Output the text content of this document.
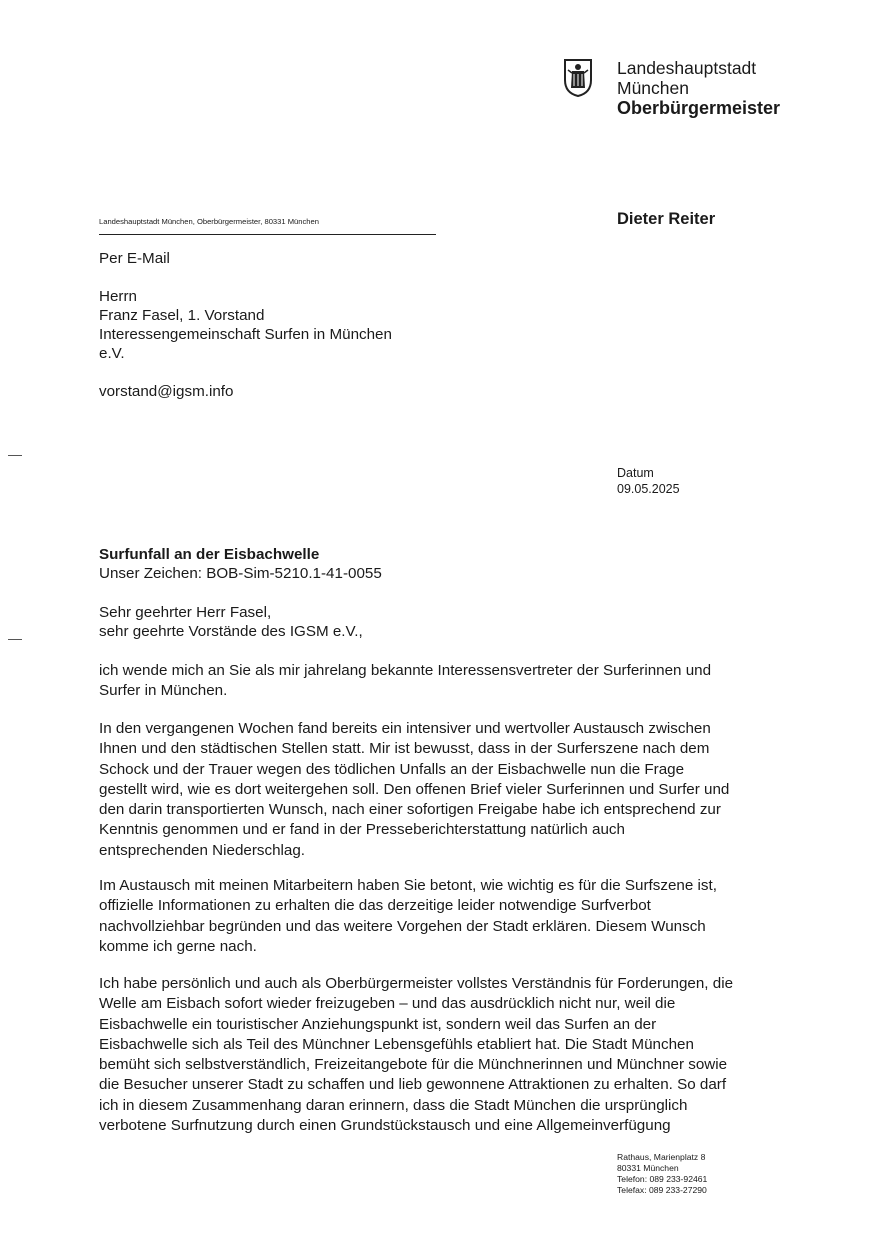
Landeshauptstadt
München
Oberbürgermeister
Landeshauptstadt München, Oberbürgermeister, 80331 München	Dieter Reiter
Per E-Mail
Herrn
Franz Fasel, 1. Vorstand
Interessengemeinschaft Surfen in München
e.V.
vorstand@igsm.info
Datum
09.05.2025
Surfunfall an der Eisbachwelle
Unser Zeichen: BOB-Sim-5210.1-41-0055
Sehr geehrter Herr Fasel,
sehr geehrte Vorstände des IGSM e.V.,
ich wende mich an Sie als mir jahrelang bekannte Interessensvertreter der Surferinnen und
Surfer in München.
In den vergangenen Wochen fand bereits ein intensiver und wertvoller Austausch zwischen
Ihnen und den städtischen Stellen statt. Mir ist bewusst, dass in der Surferszene nach dem
Schock und der Trauer wegen des tödlichen Unfalls an der Eisbachwelle nun die Frage
gestellt wird, wie es dort weitergehen soll. Den offenen Brief vieler Surferinnen und Surfer und
den darin transportierten Wunsch, nach einer sofortigen Freigabe habe ich entsprechend zur
Kenntnis genommen und er fand in der Presseberichterstattung natürlich auch
entsprechenden Niederschlag.
Im Austausch mit meinen Mitarbeitern haben Sie betont, wie wichtig es für die Surfszene ist,
offizielle Informationen zu erhalten die das derzeitige leider notwendige Surfverbot
nachvollziehbar begründen und das weitere Vorgehen der Stadt erklären. Diesem Wunsch
komme ich gerne nach.
Ich habe persönlich und auch als Oberbürgermeister vollstes Verständnis für Forderungen, die
Welle am Eisbach sofort wieder freizugeben – und das ausdrücklich nicht nur, weil die
Eisbachwelle ein touristischer Anziehungspunkt ist, sondern weil das Surfen an der
Eisbachwelle sich als Teil des Münchner Lebensgefühls etabliert hat. Die Stadt München
bemüht sich selbstverständlich, Freizeitangebote für die Münchnerinnen und Münchner sowie
die Besucher unserer Stadt zu schaffen und lieb gewonnene Attraktionen zu erhalten. So darf
ich in diesem Zusammenhang daran erinnern, dass die Stadt München die ursprünglich
verbotene Surfnutzung durch einen Grundstückstausch und eine Allgemeinverfügung
Rathaus, Marienplatz 8
80331 München
Telefon: 089 233-92461
Telefax: 089 233-27290
